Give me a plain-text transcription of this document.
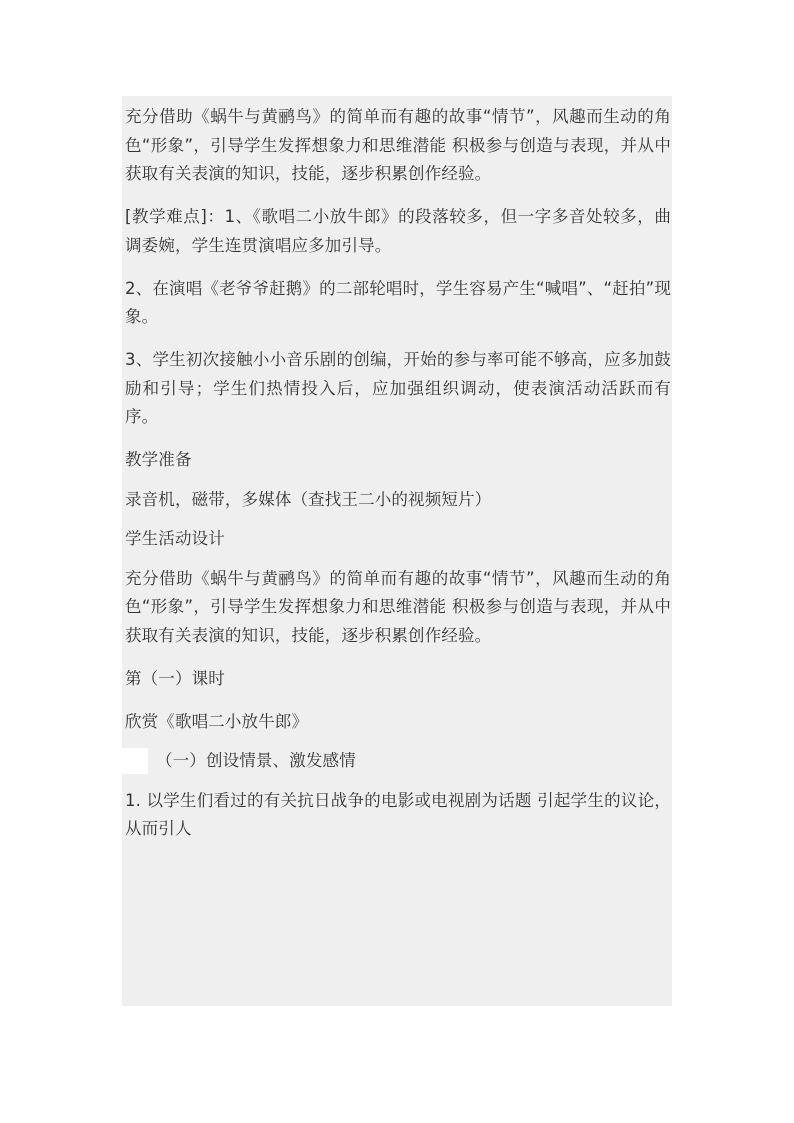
充分借助《蜗牛与黄鹂鸟》的简单而有趣的故事“情节”，风趣而生动的角色“形象”，引导学生发挥想象力和思维潜能 积极参与创造与表现，并从中获取有关表演的知识，技能，逐步积累创作经验。

[教学难点]：1、《歌唱二小放牛郎》的段落较多，但一字多音处较多，曲调委婉，学生连贯演唱应多加引导。

2、在演唱《老爷爷赶鹅》的二部轮唱时，学生容易产生“喊唱”、“赶拍”现象。

3、学生初次接触小小音乐剧的创编，开始的参与率可能不够高，应多加鼓励和引导；学生们热情投入后，应加强组织调动，使表演活动活跃而有序。

教学准备

录音机，磁带，多媒体（查找王二小的视频短片）

学生活动设计

充分借助《蜗牛与黄鹂鸟》的简单而有趣的故事“情节”，风趣而生动的角色“形象”，引导学生发挥想象力和思维潜能 积极参与创造与表现，并从中获取有关表演的知识，技能，逐步积累创作经验。

第（一）课时

欣赏《歌唱二小放牛郎》

（一）创设情景、激发感情

1. 以学生们看过的有关抗日战争的电影或电视剧为话题 引起学生的议论，从而引人
